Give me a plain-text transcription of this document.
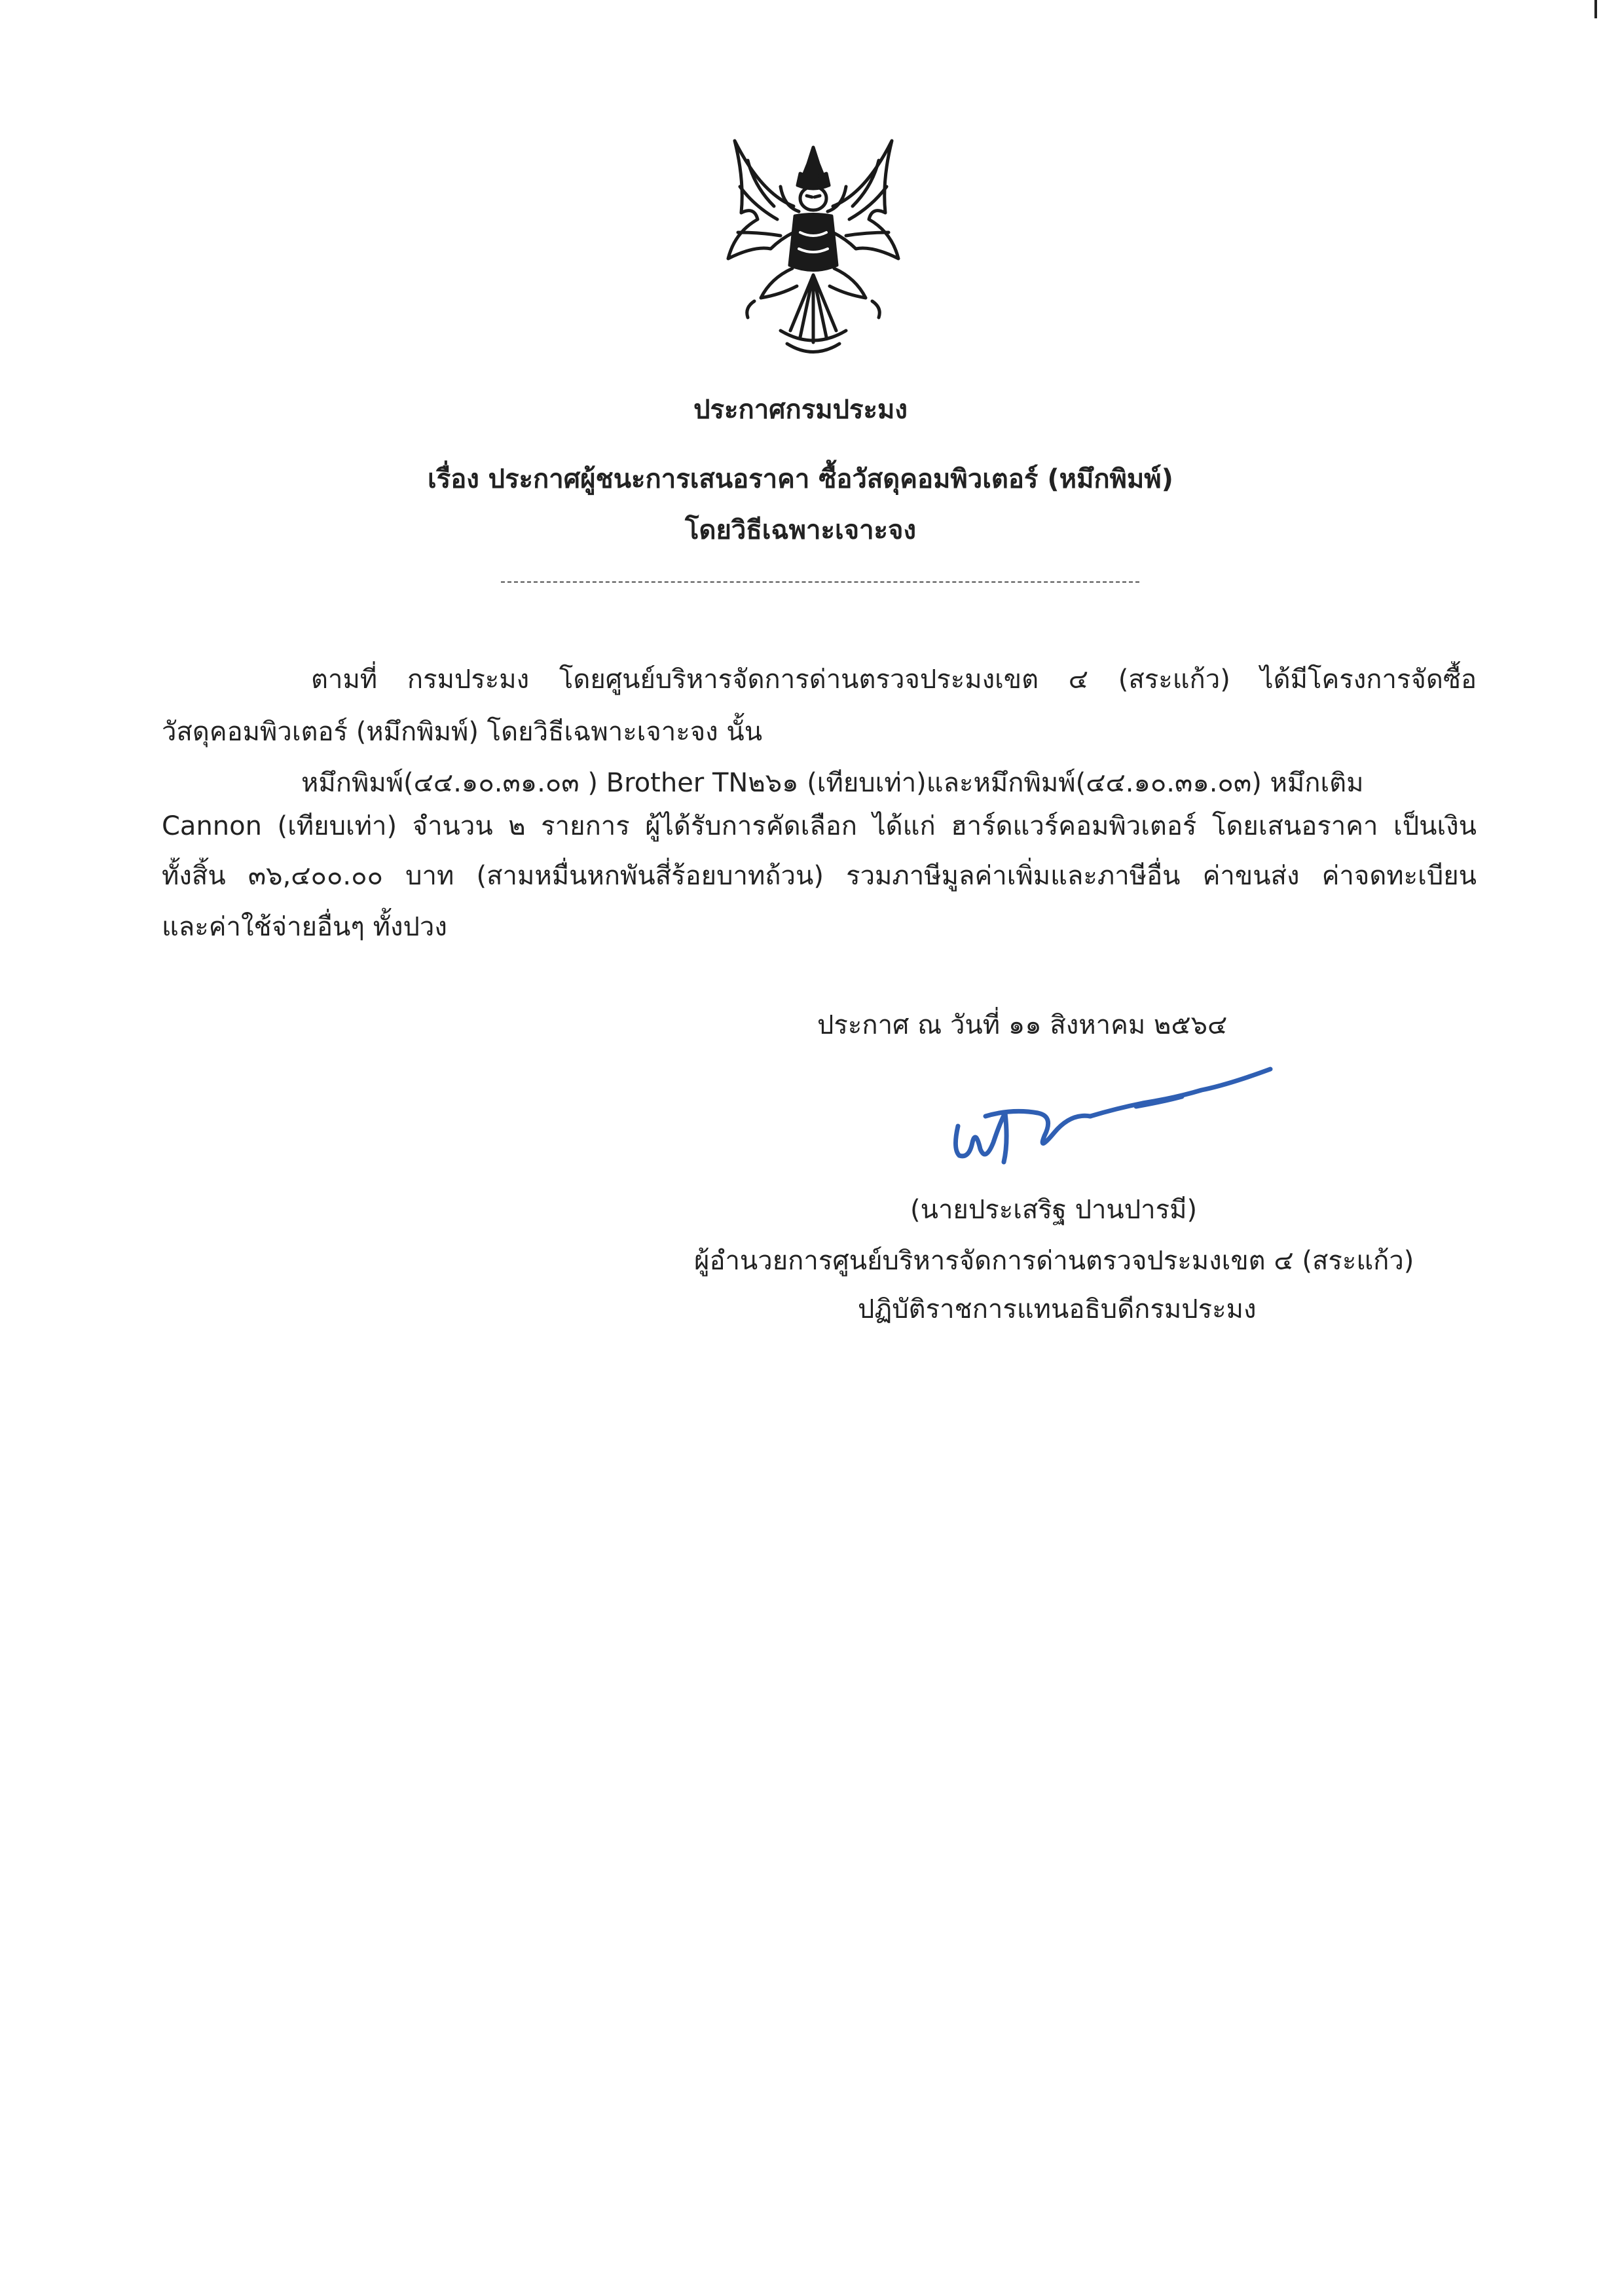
ประกาศกรมประมง
เรื่อง ประกาศผู้ชนะการเสนอราคา ซื้อวัสดุคอมพิวเตอร์ (หมึกพิมพ์)
โดยวิธีเฉพาะเจาะจง
ตามที่ กรมประมง โดยศูนย์บริหารจัดการด่านตรวจประมงเขต ๔ (สระแก้ว) ได้มีโครงการจัดซื้อ
วัสดุคอมพิวเตอร์ (หมึกพิมพ์) โดยวิธีเฉพาะเจาะจง นั้น
หมึกพิมพ์(๔๔.๑๐.๓๑.๐๓ ) Brother TN๒๖๑ (เทียบเท่า)และหมึกพิมพ์(๔๔.๑๐.๓๑.๐๓) หมึกเติม
Cannon (เทียบเท่า) จำนวน ๒ รายการ ผู้ได้รับการคัดเลือก ได้แก่ ฮาร์ดแวร์คอมพิวเตอร์ โดยเสนอราคา เป็นเงิน
ทั้งสิ้น ๓๖,๔๐๐.๐๐ บาท (สามหมื่นหกพันสี่ร้อยบาทถ้วน) รวมภาษีมูลค่าเพิ่มและภาษีอื่น ค่าขนส่ง ค่าจดทะเบียน
และค่าใช้จ่ายอื่นๆ ทั้งปวง
ประกาศ ณ วันที่ ๑๑ สิงหาคม ๒๕๖๔
(นายประเสริฐ ปานปารมี)
ผู้อำนวยการศูนย์บริหารจัดการด่านตรวจประมงเขต ๔ (สระแก้ว)
ปฏิบัติราชการแทนอธิบดีกรมประมง
